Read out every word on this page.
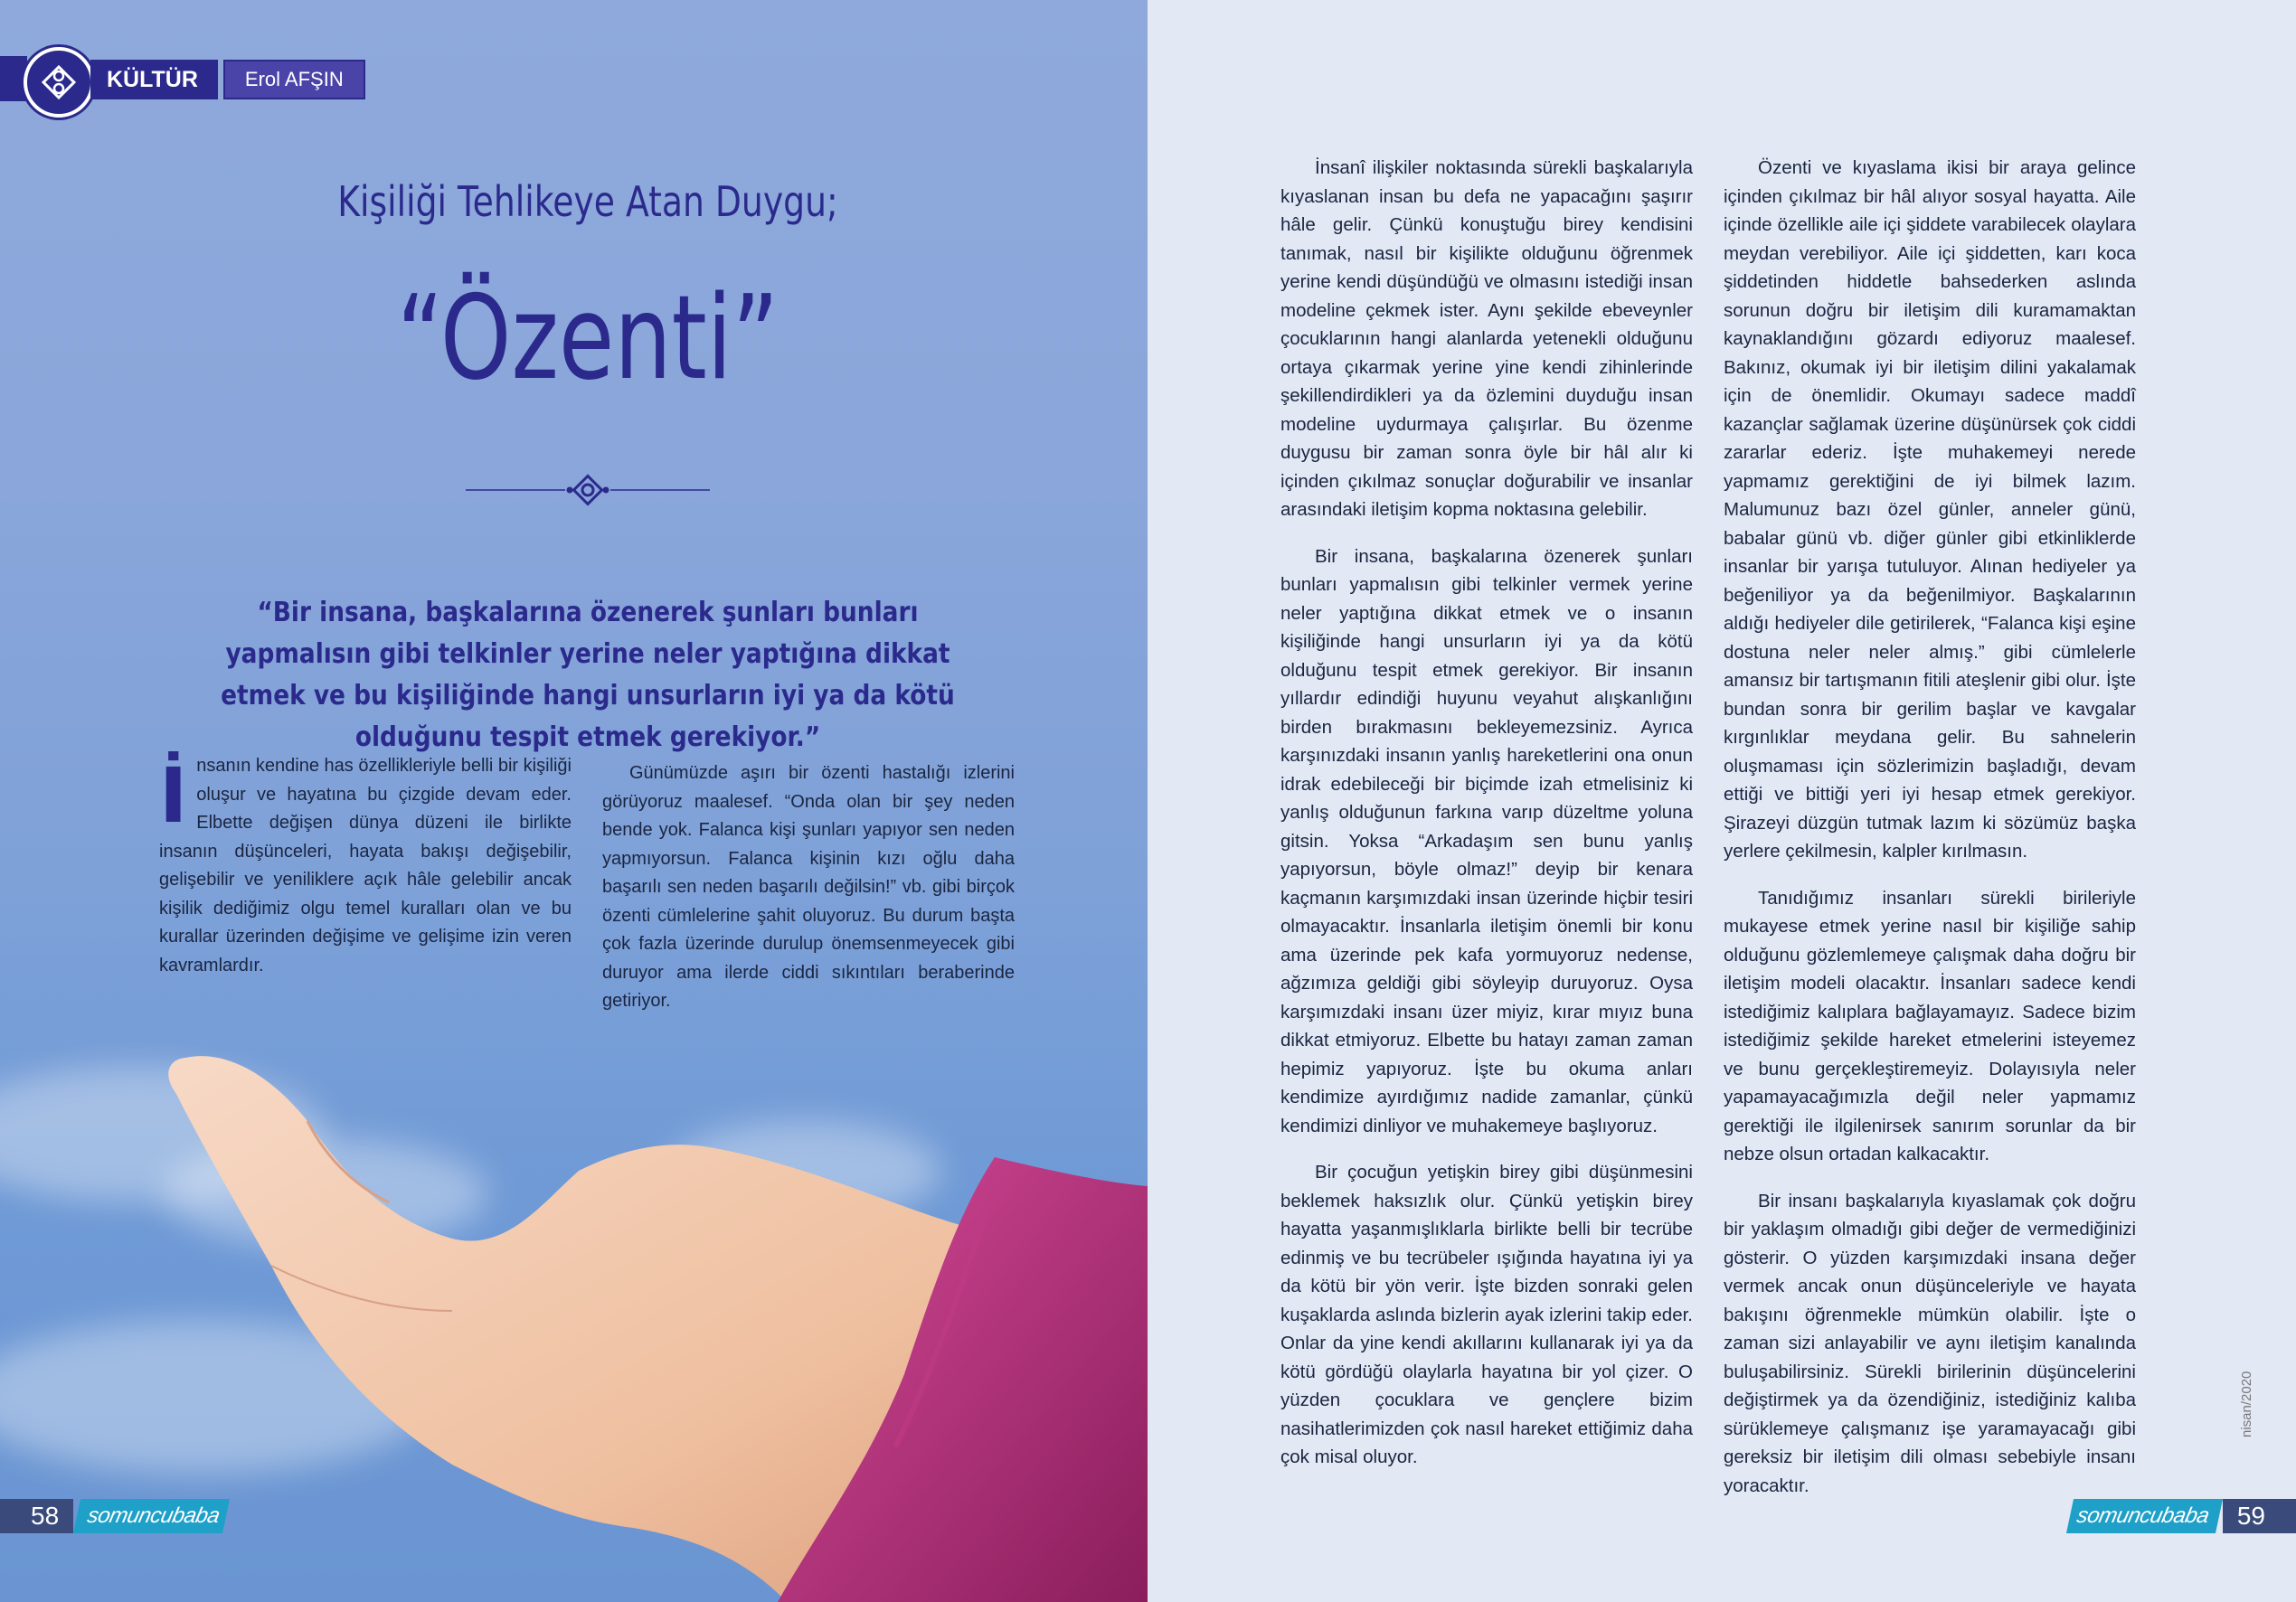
KÜLTÜR	Erol AFŞIN
Kişiliği Tehlikeye Atan Duygu;
“Özenti”
“Bir insana, başkalarına özenerek şunları bunları yapmalısın gibi telkinler yerine neler yaptığına dikkat etmek ve bu kişiliğinde hangi unsurların iyi ya da kötü olduğunu tespit etmek gerekiyor.”
İnsanın kendine has özellikleriyle belli bir kişiliği oluşur ve hayatına bu çizgide devam eder. Elbette değişen dünya düzeni ile birlikte insanın düşünceleri, hayata bakışı değişebilir, gelişebilir ve yeniliklere açık hâle gelebilir ancak kişilik dediğimiz olgu temel kuralları olan ve bu kurallar üzerinden değişime ve gelişime izin veren kavramlardır.
Günümüzde aşırı bir özenti hastalığı izlerini görüyoruz maalesef. “Onda olan bir şey neden bende yok. Falanca kişi şunları yapıyor sen neden yapmıyorsun. Falanca kişinin kızı oğlu daha başarılı sen neden başarılı değilsin!” vb. gibi birçok özenti cümlelerine şahit oluyoruz. Bu durum başta çok fazla üzerinde durulup önemsenmeyecek gibi duruyor ama ilerde ciddi sıkıntıları beraberinde getiriyor.
58	somuncubaba

İnsanî ilişkiler noktasında sürekli başkalarıyla kıyaslanan insan bu defa ne yapacağını şaşırır hâle gelir. Çünkü konuştuğu birey kendisini tanımak, nasıl bir kişilikte olduğunu öğrenmek yerine kendi düşündüğü ve olmasını istediği insan modeline çekmek ister. Aynı şekilde ebeveynler çocuklarının hangi alanlarda yetenekli olduğunu ortaya çıkarmak yerine yine kendi zihinlerinde şekillendirdikleri ya da özlemini duyduğu insan modeline uydurmaya çalışırlar. Bu özenme duygusu bir zaman sonra öyle bir hâl alır ki içinden çıkılmaz sonuçlar doğurabilir ve insanlar arasındaki iletişim kopma noktasına gelebilir.

Bir insana, başkalarına özenerek şunları bunları yapmalısın gibi telkinler vermek yerine neler yaptığına dikkat etmek ve o insanın kişiliğinde hangi unsurların iyi ya da kötü olduğunu tespit etmek gerekiyor. Bir insanın yıllardır edindiği huyunu veyahut alışkanlığını birden bırakmasını bekleyemezsiniz. Ayrıca karşınızdaki insanın yanlış hareketlerini ona onun idrak edebileceği bir biçimde izah etmelisiniz ki yanlış olduğunun farkına varıp düzeltme yoluna gitsin. Yoksa “Arkadaşım sen bunu yanlış yapıyorsun, böyle olmaz!” deyip bir kenara kaçmanın karşımızdaki insan üzerinde hiçbir tesiri olmayacaktır. İnsanlarla iletişim önemli bir konu ama üzerinde pek kafa yormuyoruz nedense, ağzımıza geldiği gibi söyleyip duruyoruz. Oysa karşımızdaki insanı üzer miyiz, kırar mıyız buna dikkat etmiyoruz. Elbette bu hatayı zaman zaman hepimiz yapıyoruz. İşte bu okuma anları kendimize ayırdığımız nadide zamanlar, çünkü kendimizi dinliyor ve muhakemeye başlıyoruz.

Bir çocuğun yetişkin birey gibi düşünmesini beklemek haksızlık olur. Çünkü yetişkin birey hayatta yaşanmışlıklarla birlikte belli bir tecrübe edinmiş ve bu tecrübeler ışığında hayatına iyi ya da kötü bir yön verir. İşte bizden sonraki gelen kuşaklarda aslında bizlerin ayak izlerini takip eder. Onlar da yine kendi akıllarını kullanarak iyi ya da kötü gördüğü olaylarla hayatına bir yol çizer. O yüzden çocuklara ve gençlere bizim nasihatlerimizden çok nasıl hareket ettiğimiz daha çok misal oluyor.

Özenti ve kıyaslama ikisi bir araya gelince içinden çıkılmaz bir hâl alıyor sosyal hayatta. Aile içinde özellikle aile içi şiddete varabilecek olaylara meydan verebiliyor. Aile içi şiddetten, karı koca şiddetinden hiddetle bahsederken aslında sorunun doğru bir iletişim dili kuramamaktan kaynaklandığını gözardı ediyoruz maalesef. Bakınız, okumak iyi bir iletişim dilini yakalamak için de önemlidir. Okumayı sadece maddî kazançlar sağlamak üzerine düşünürsek çok ciddi zararlar ederiz. İşte muhakemeyi nerede yapmamız gerektiğini de iyi bilmek lazım. Malumunuz bazı özel günler, anneler günü, babalar günü vb. diğer günler gibi etkinliklerde insanlar bir yarışa tutuluyor. Alınan hediyeler ya beğeniliyor ya da beğenilmiyor. Başkalarının aldığı hediyeler dile getirilerek, “Falanca kişi eşine dostuna neler neler almış.” gibi cümlelerle amansız bir tartışmanın fitili ateşlenir gibi olur. İşte bundan sonra bir gerilim başlar ve kavgalar kırgınlıklar meydana gelir. Bu sahnelerin oluşmaması için sözlerimizin başladığı, devam ettiği ve bittiği yeri iyi hesap etmek gerekiyor. Şirazeyi düzgün tutmak lazım ki sözümüz başka yerlere çekilmesin, kalpler kırılmasın.

Tanıdığımız insanları sürekli birileriyle mukayese etmek yerine nasıl bir kişiliğe sahip olduğunu gözlemlemeye çalışmak daha doğru bir iletişim modeli olacaktır. İnsanları sadece kendi istediğimiz kalıplara bağlayamayız. Sadece bizim istediğimiz şekilde hareket etmelerini isteyemez ve bunu gerçekleştiremeyiz. Dolayısıyla neler yapamayacağımızla değil neler yapmamız gerektiği ile ilgilenirsek sanırım sorunlar da bir nebze olsun ortadan kalkacaktır.

Bir insanı başkalarıyla kıyaslamak çok doğru bir yaklaşım olmadığı gibi değer de vermediğinizi gösterir. O yüzden karşımızdaki insana değer vermek ancak onun düşünceleriyle ve hayata bakışını öğrenmekle mümkün olabilir. İşte o zaman sizi anlayabilir ve aynı iletişim kanalında buluşabilirsiniz. Sürekli birilerinin düşüncelerini değiştirmek ya da özendiğiniz, istediğiniz kalıba sürüklemeye çalışmanız işe yaramayacağı gibi gereksiz bir iletişim dili olması sebebiyle insanı yoracaktır.

nisan/2020
somuncubaba	59
